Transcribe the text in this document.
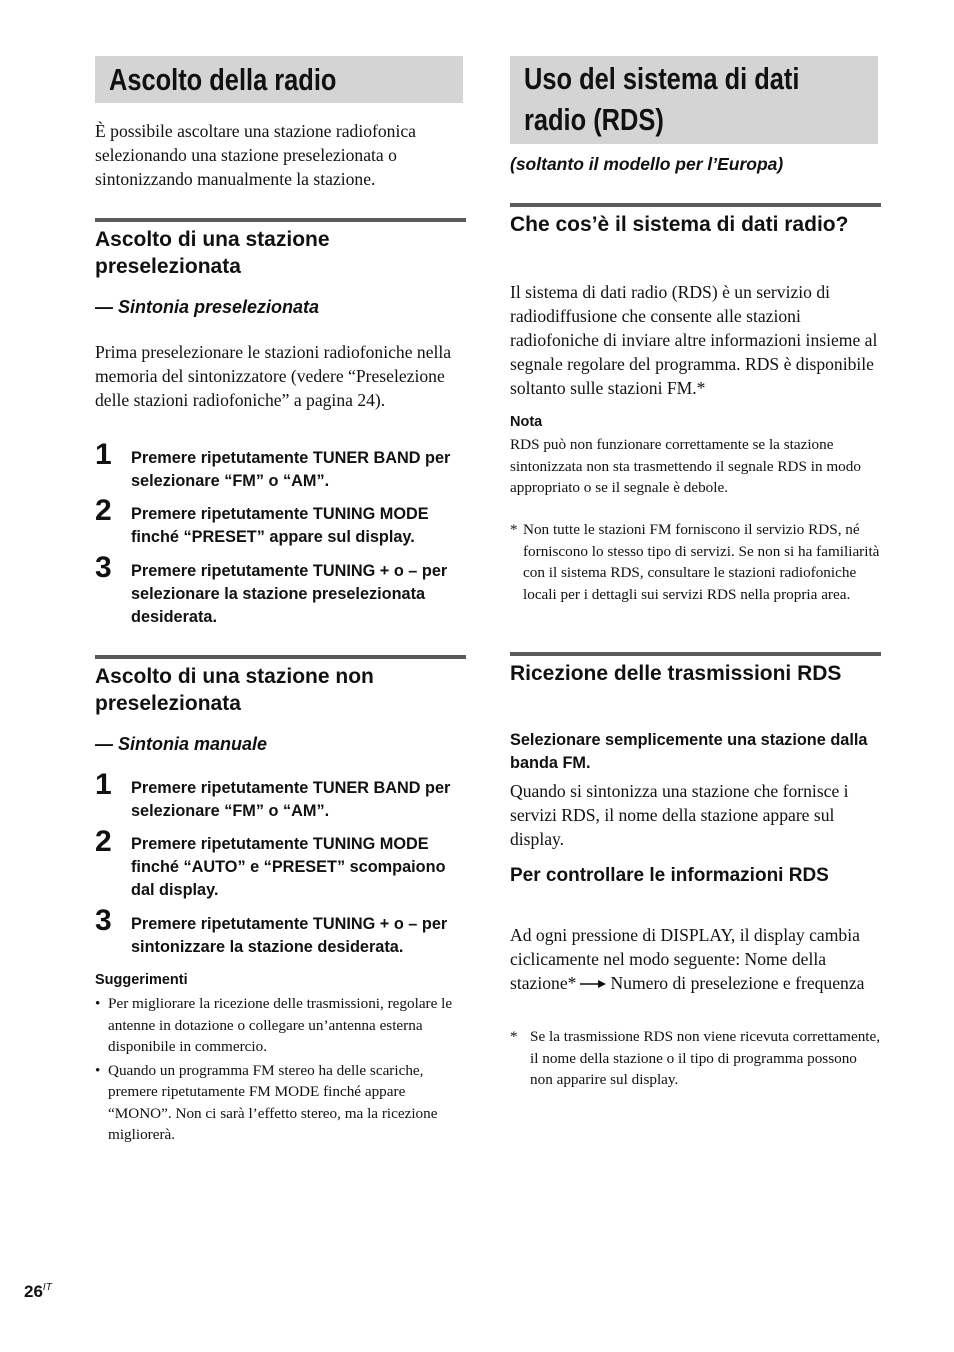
Ascolto della radio

È possibile ascoltare una stazione radiofonica selezionando una stazione preselezionata o sintonizzando manualmente la stazione.

Ascolto di una stazione preselezionata

— Sintonia preselezionata

Prima preselezionare le stazioni radiofoniche nella memoria del sintonizzatore (vedere “Preselezione delle stazioni radiofoniche” a pagina 24).

1 Premere ripetutamente TUNER BAND per selezionare “FM” o “AM”.

2 Premere ripetutamente TUNING MODE finché “PRESET” appare sul display.

3 Premere ripetutamente TUNING + o – per selezionare la stazione preselezionata desiderata.

Ascolto di una stazione non preselezionata

— Sintonia manuale

1 Premere ripetutamente TUNER BAND per selezionare “FM” o “AM”.

2 Premere ripetutamente TUNING MODE finché “AUTO” e “PRESET” scompaiono dal display.

3 Premere ripetutamente TUNING + o – per sintonizzare la stazione desiderata.

Suggerimenti

• Per migliorare la ricezione delle trasmissioni, regolare le antenne in dotazione o collegare un’antenna esterna disponibile in commercio.
• Quando un programma FM stereo ha delle scariche, premere ripetutamente FM MODE finché appare “MONO”. Non ci sarà l’effetto stereo, ma la ricezione migliorerà.
Uso del sistema di dati
radio (RDS)

(soltanto il modello per l’Europa)

Che cos’è il sistema di dati radio?

Il sistema di dati radio (RDS) è un servizio di radiodiffusione che consente alle stazioni radiofoniche di inviare altre informazioni insieme al segnale regolare del programma. RDS è disponibile soltanto sulle stazioni FM.*

Nota

RDS può non funzionare correttamente se la stazione sintonizzata non sta trasmettendo il segnale RDS in modo appropriato o se il segnale è debole.

* Non tutte le stazioni FM forniscono il servizio RDS, né forniscono lo stesso tipo di servizi. Se non si ha familiarità con il sistema RDS, consultare le stazioni radiofoniche locali per i dettagli sui servizi RDS nella propria area.
Ricezione delle trasmissioni RDS

Selezionare semplicemente una stazione dalla banda FM.

Quando si sintonizza una stazione che fornisce i servizi RDS, il nome della stazione appare sul display.

Per controllare le informazioni RDS

Ad ogni pressione di DISPLAY, il display cambia ciclicamente nel modo seguente: Nome della stazione* Numero di preselezione e frequenza

* Se la trasmissione RDS non viene ricevuta correttamente, il nome della stazione o il tipo di programma possono non apparire sul display.
$26^{IT}$
